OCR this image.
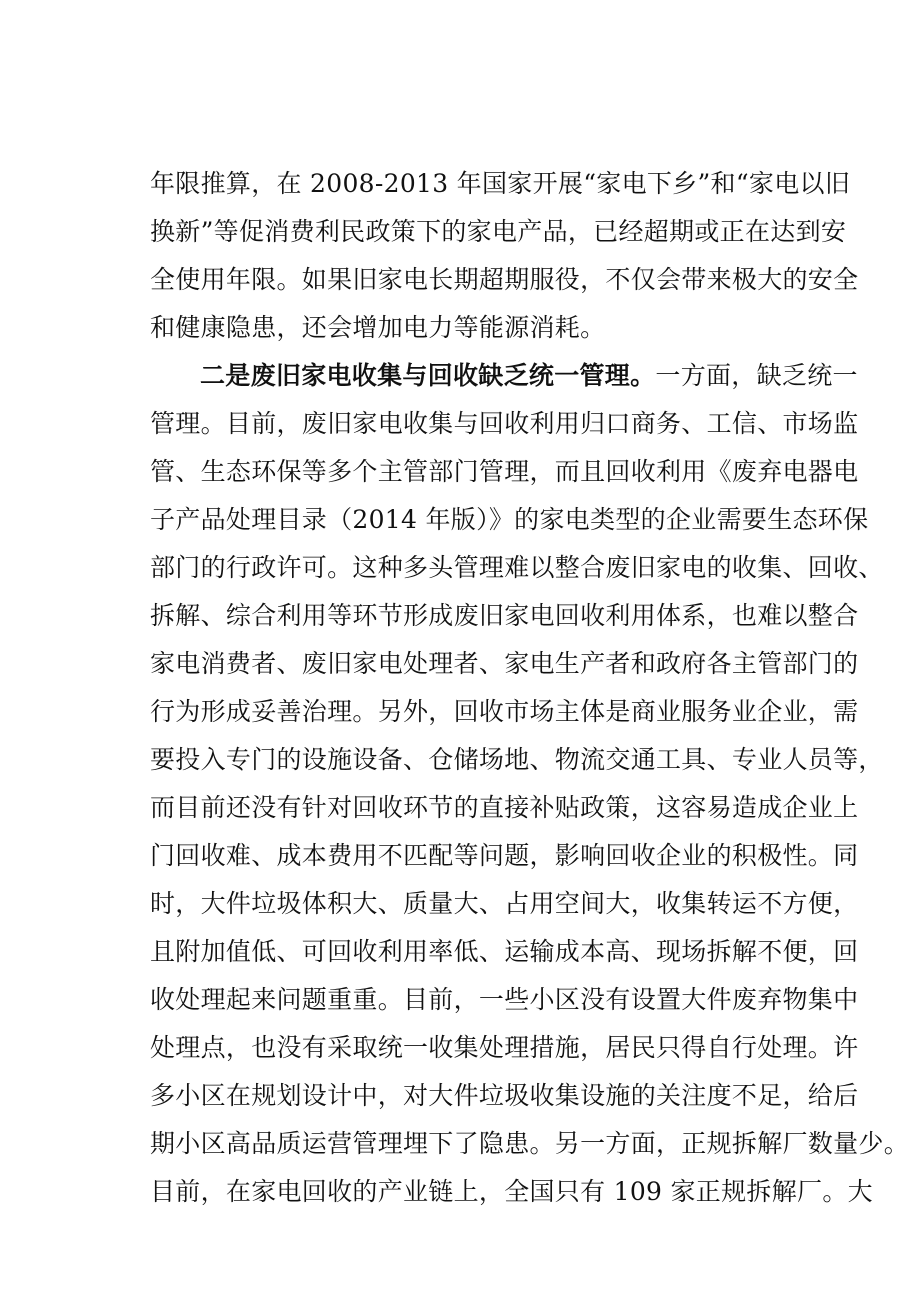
年限推算，在 2008-2013 年国家开展“家电下乡”和“家电以旧
换新”等促消费利民政策下的家电产品，已经超期或正在达到安
全使用年限。如果旧家电长期超期服役，不仅会带来极大的安全
和健康隐患，还会增加电力等能源消耗。
二是废旧家电收集与回收缺乏统一管理。一方面，缺乏统一
管理。目前，废旧家电收集与回收利用归口商务、工信、市场监
管、生态环保等多个主管部门管理，而且回收利用《废弃电器电
子产品处理目录（2014 年版）》的家电类型的企业需要生态环保
部门的行政许可。这种多头管理难以整合废旧家电的收集、回收、
拆解、综合利用等环节形成废旧家电回收利用体系，也难以整合
家电消费者、废旧家电处理者、家电生产者和政府各主管部门的
行为形成妥善治理。另外，回收市场主体是商业服务业企业，需
要投入专门的设施设备、仓储场地、物流交通工具、专业人员等，
而目前还没有针对回收环节的直接补贴政策，这容易造成企业上
门回收难、成本费用不匹配等问题，影响回收企业的积极性。同
时，大件垃圾体积大、质量大、占用空间大，收集转运不方便，
且附加值低、可回收利用率低、运输成本高、现场拆解不便，回
收处理起来问题重重。目前，一些小区没有设置大件废弃物集中
处理点，也没有采取统一收集处理措施，居民只得自行处理。许
多小区在规划设计中，对大件垃圾收集设施的关注度不足，给后
期小区高品质运营管理埋下了隐患。另一方面，正规拆解厂数量少。
目前，在家电回收的产业链上，全国只有 109 家正规拆解厂。大
